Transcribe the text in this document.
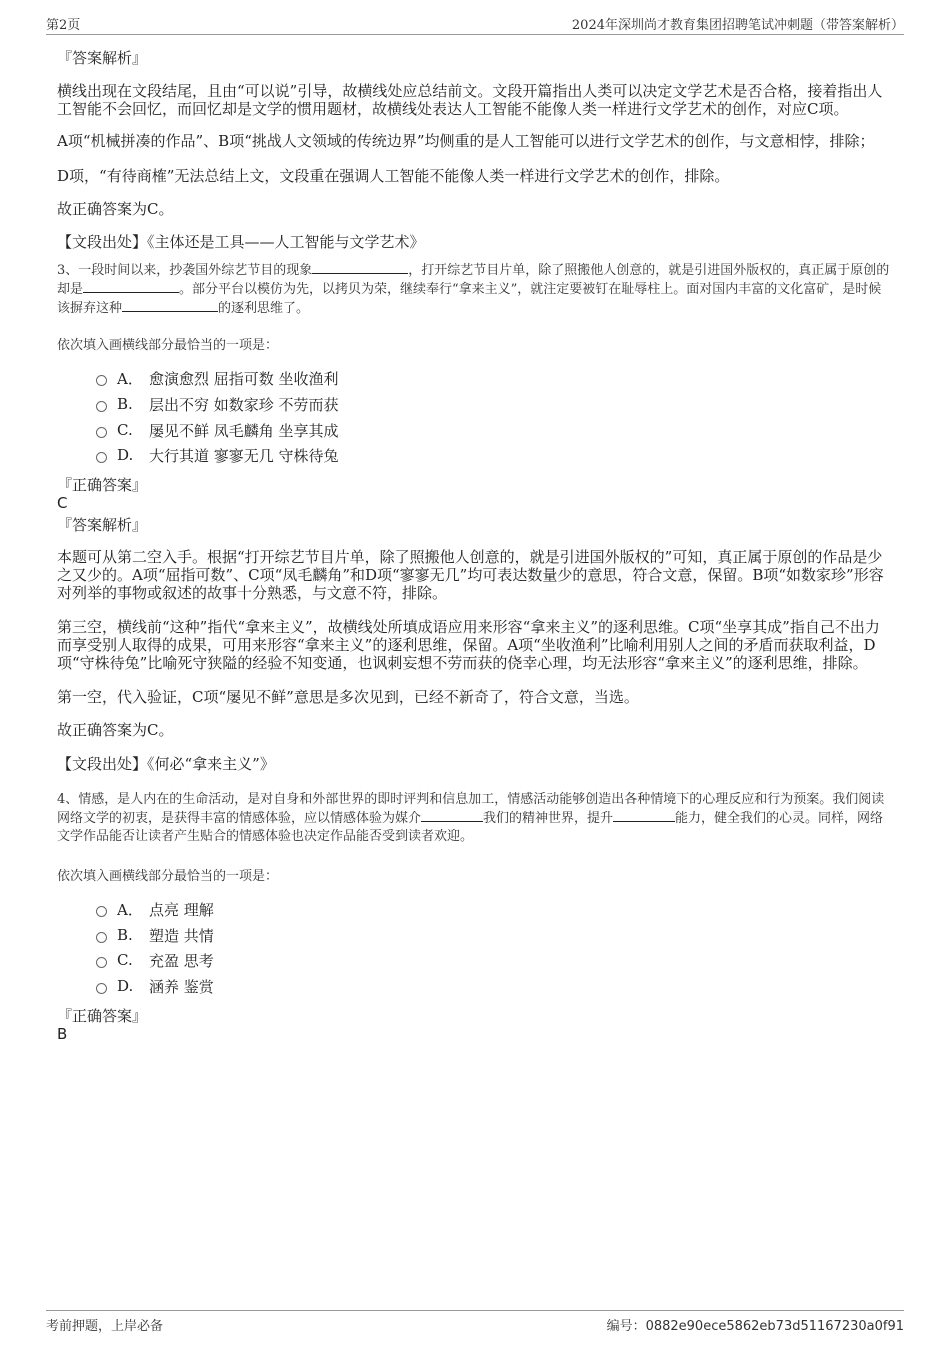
第2页	2024年深圳尚才教育集团招聘笔试冲刺题（带答案解析）
『答案解析』
横线出现在文段结尾，且由“可以说”引导，故横线处应总结前文。文段开篇指出人类可以决定文学艺术是否合格，接着指出人工智能不会回忆，而回忆却是文学的惯用题材，故横线处表达人工智能不能像人类一样进行文学艺术的创作，对应C项。
A项“机械拼凑的作品”、B项“挑战人文领域的传统边界”均侧重的是人工智能可以进行文学艺术的创作，与文意相悖，排除；
D项，“有待商榷”无法总结上文，文段重在强调人工智能不能像人类一样进行文学艺术的创作，排除。
故正确答案为C。
【文段出处】《主体还是工具——人工智能与文学艺术》
3、一段时间以来，抄袭国外综艺节目的现象	，打开综艺节目片单，除了照搬他人创意的，就是引进国外版权的，真正属于原创的却是	。部分平台以模仿为先，以拷贝为荣，继续奉行“拿来主义”，就注定要被钉在耻辱柱上。面对国内丰富的文化富矿，是时候该摒弃这种	的逐利思维了。
依次填入画横线部分最恰当的一项是：
A． 愈演愈烈 屈指可数 坐收渔利
B.	层出不穷 如数家珍 不劳而获
C.	屡见不鲜 凤毛麟角 坐享其成
D.	大行其道 寥寥无几 守株待兔
『正确答案』
C
『答案解析』
本题可从第二空入手。根据“打开综艺节目片单，除了照搬他人创意的，就是引进国外版权的”可知，真正属于原创的作品是少之又少的。A项“屈指可数”、C项“凤毛麟角”和D项“寥寥无几”均可表达数量少的意思，符合文意，保留。B项“如数家珍”形容对列举的事物或叙述的故事十分熟悉，与文意不符，排除。
第三空，横线前“这种”指代“拿来主义”，故横线处所填成语应用来形容“拿来主义”的逐利思维。C项“坐享其成”指自己不出力而享受别人取得的成果，可用来形容“拿来主义”的逐利思维，保留。A项“坐收渔利”比喻利用别人之间的矛盾而获取利益，D项“守株待兔”比喻死守狭隘的经验不知变通，也讽刺妄想不劳而获的侥幸心理，均无法形容“拿来主义”的逐利思维，排除。
第一空，代入验证，C项“屡见不鲜”意思是多次见到，已经不新奇了，符合文意，当选。
故正确答案为C。
【文段出处】《何必“拿来主义”》
4、情感，是人内在的生命活动，是对自身和外部世界的即时评判和信息加工，情感活动能够创造出各种情境下的心理反应和行为预案。我们阅读网络文学的初衷，是获得丰富的情感体验，应以情感体验为媒介	我们的精神世界，提升	能力，健全我们的心灵。同样，网络文学作品能否让读者产生贴合的情感体验也决定作品能否受到读者欢迎。
依次填入画横线部分最恰当的一项是：
A． 点亮 理解
B.	塑造 共情
C.	充盈 思考
D.	涵养 鉴赏
『正确答案』
B
考前押题，上岸必备	编号：0882e90ece5862eb73d51167230a0f91
